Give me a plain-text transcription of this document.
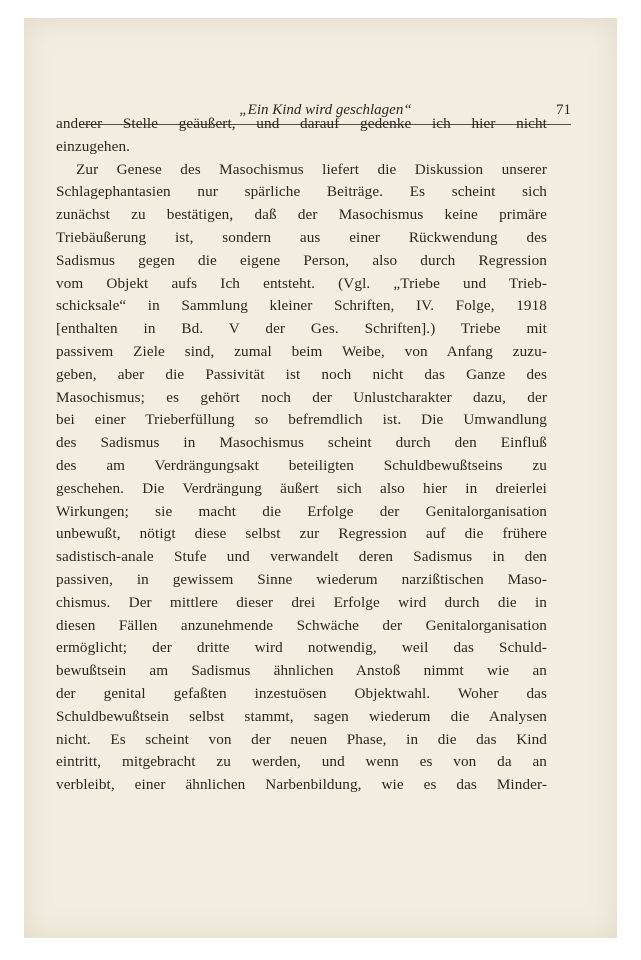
„Ein Kind wird geschlagen“	71
anderer Stelle geäußert, und darauf gedenke ich hier nicht
einzugehen.
Zur Genese des Masochismus liefert die Diskussion unserer
Schlagephantasien nur spärliche Beiträge. Es scheint sich
zunächst zu bestätigen, daß der Masochismus keine primäre
Triebäußerung ist, sondern aus einer Rückwendung des
Sadismus gegen die eigene Person, also durch Regression
vom Objekt aufs Ich entsteht. (Vgl. „Triebe und Trieb-
schicksale“ in Sammlung kleiner Schriften, IV. Folge, 1918
[enthalten in Bd. V der Ges. Schriften].) Triebe mit
passivem Ziele sind, zumal beim Weibe, von Anfang zuzu-
geben, aber die Passivität ist noch nicht das Ganze des
Masochismus; es gehört noch der Unlustcharakter dazu, der
bei einer Trieberfüllung so befremdlich ist. Die Umwandlung
des Sadismus in Masochismus scheint durch den Einfluß
des am Verdrängungsakt beteiligten Schuldbewußtseins zu
geschehen. Die Verdrängung äußert sich also hier in dreierlei
Wirkungen; sie macht die Erfolge der Genitalorganisation
unbewußt, nötigt diese selbst zur Regression auf die frühere
sadistisch-anale Stufe und verwandelt deren Sadismus in den
passiven, in gewissem Sinne wiederum narzißtischen Maso-
chismus. Der mittlere dieser drei Erfolge wird durch die in
diesen Fällen anzunehmende Schwäche der Genitalorganisation
ermöglicht; der dritte wird notwendig, weil das Schuld-
bewußtsein am Sadismus ähnlichen Anstoß nimmt wie an
der genital gefaßten inzestuösen Objektwahl. Woher das
Schuldbewußtsein selbst stammt, sagen wiederum die Analysen
nicht. Es scheint von der neuen Phase, in die das Kind
eintritt, mitgebracht zu werden, und wenn es von da an
verbleibt, einer ähnlichen Narbenbildung, wie es das Minder-
